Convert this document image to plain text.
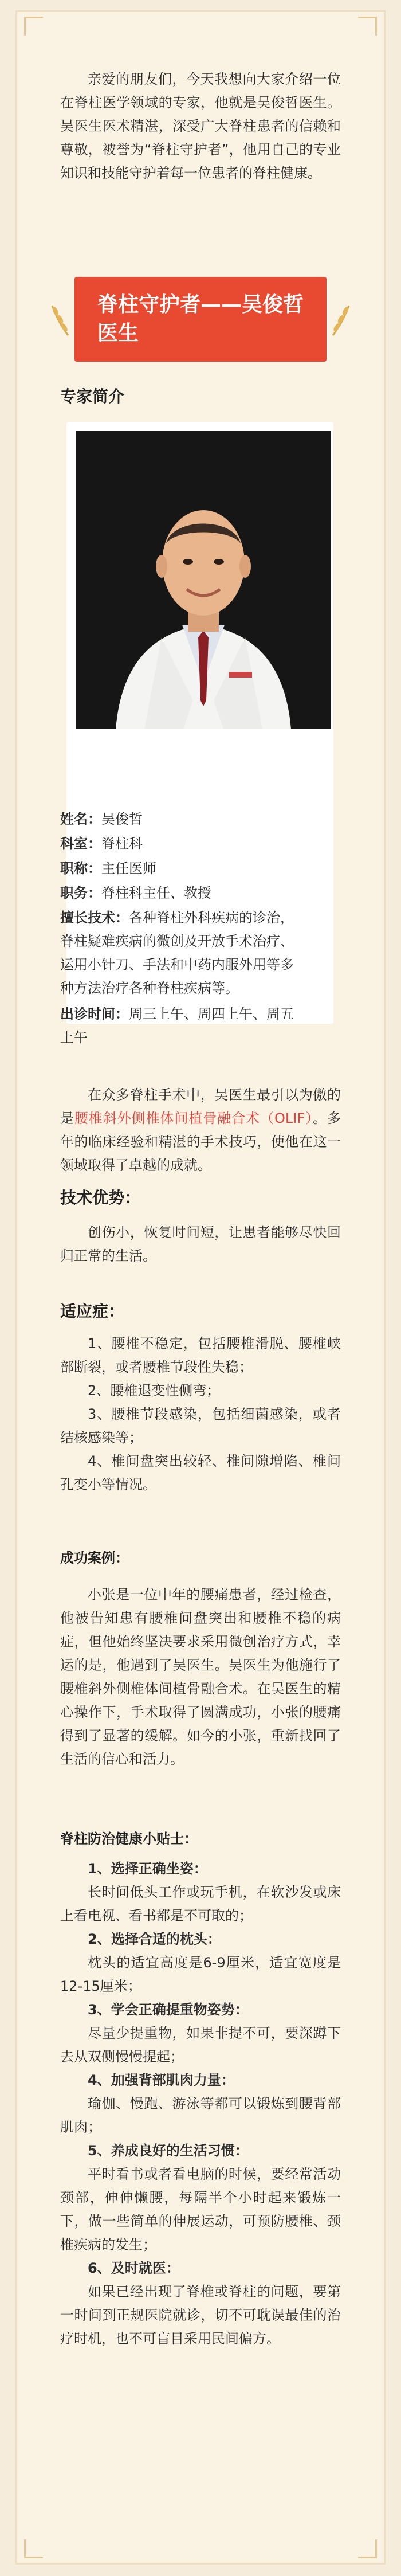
亲爱的朋友们，今天我想向大家介绍一位在脊柱医学领域的专家，他就是吴俊哲医生。吴医生医术精湛，深受广大脊柱患者的信赖和尊敬，被誉为“脊柱守护者”，他用自己的专业知识和技能守护着每一位患者的脊柱健康。

脊柱守护者——吴俊哲医生
专家简介

姓名：吴俊哲

科室：脊柱科

职称：主任医师

职务：脊柱科主任、教授

擅长技术：各种脊柱外科疾病的诊治，脊柱疑难疾病的微创及开放手术治疗、运用小针刀、手法和中药内服外用等多种方法治疗各种脊柱疾病等。

出诊时间：周三上午、周四上午、周五上午

在众多脊柱手术中，吴医生最引以为傲的是腰椎斜外侧椎体间植骨融合术（OLIF）。多年的临床经验和精湛的手术技巧，使他在这一领域取得了卓越的成就。

技术优势：

创伤小，恢复时间短，让患者能够尽快回归正常的生活。

适应症：

1、腰椎不稳定，包括腰椎滑脱、腰椎峡部断裂，或者腰椎节段性失稳；

2、腰椎退变性侧弯；

3、腰椎节段感染，包括细菌感染，或者结核感染等；

4、椎间盘突出较轻、椎间隙增陷、椎间孔变小等情况。

成功案例：

小张是一位中年的腰痛患者，经过检查，他被告知患有腰椎间盘突出和腰椎不稳的病症，但他始终坚决要求采用微创治疗方式，幸运的是，他遇到了吴医生。吴医生为他施行了腰椎斜外侧椎体间植骨融合术。在吴医生的精心操作下，手术取得了圆满成功，小张的腰痛得到了显著的缓解。如今的小张，重新找回了生活的信心和活力。

脊柱防治健康小贴士：

1、选择正确坐姿：

长时间低头工作或玩手机，在软沙发或床上看电视、看书都是不可取的；

2、选择合适的枕头：

枕头的适宜高度是6-9厘米，适宜宽度是12-15厘米；

3、学会正确提重物姿势：

尽量少提重物，如果非提不可，要深蹲下去从双侧慢慢提起；

4、加强背部肌肉力量：

瑜伽、慢跑、游泳等都可以锻炼到腰背部肌肉；

5、养成良好的生活习惯：

平时看书或者看电脑的时候，要经常活动颈部，伸伸懒腰，每隔半个小时起来锻炼一下，做一些简单的伸展运动，可预防腰椎、颈椎疾病的发生；

6、及时就医：

如果已经出现了脊椎或脊柱的问题，要第一时间到正规医院就诊，切不可耽误最佳的治疗时机，也不可盲目采用民间偏方。
